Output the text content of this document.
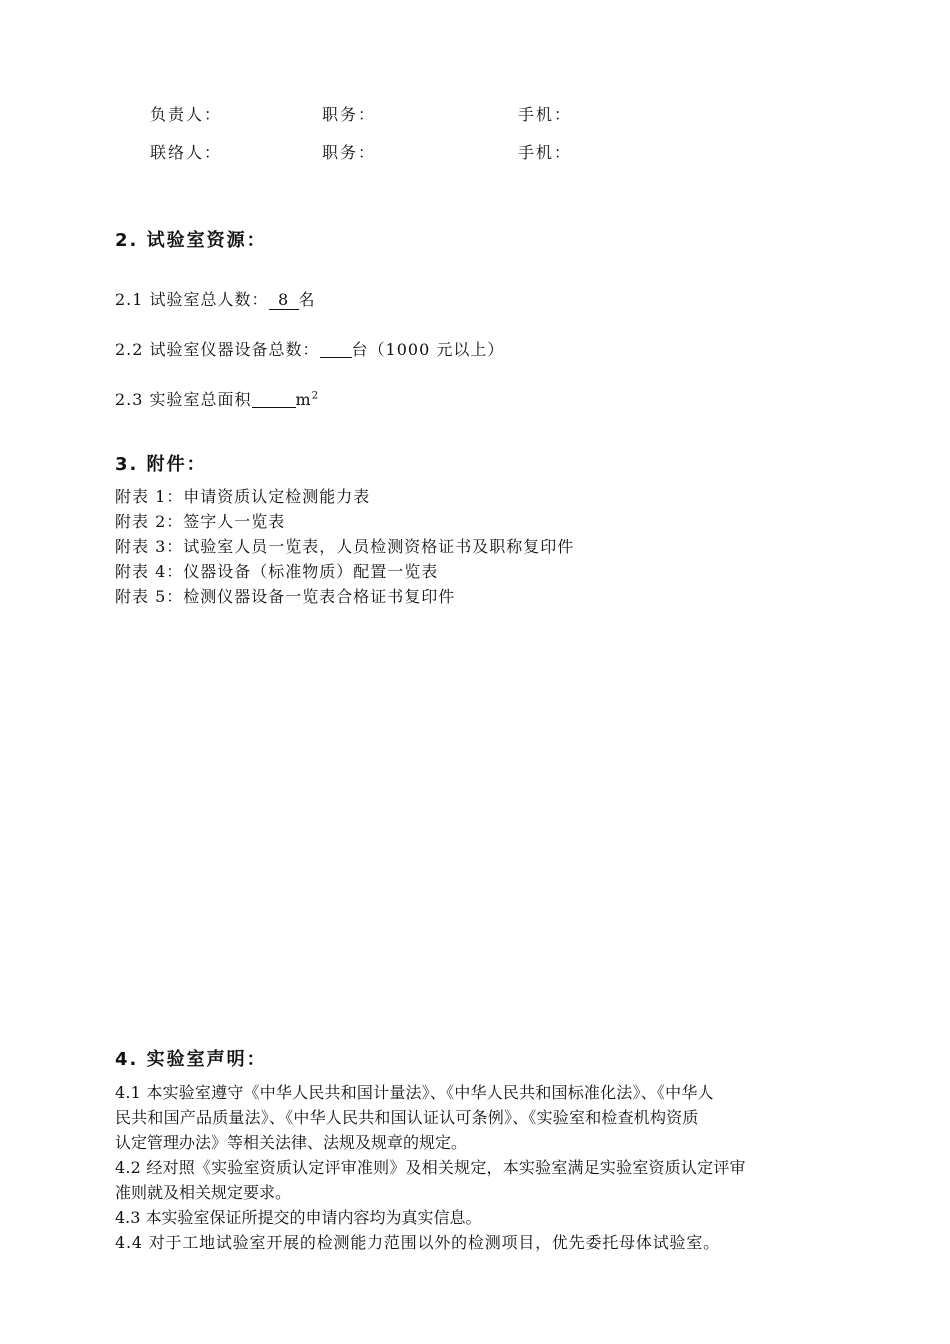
负责人：	职务：	手机：
联络人：	职务：	手机：
2. 试验室资源：
2.1 试验室总人数： 8 名
2.2 试验室仪器设备总数： 台（1000 元以上）
2.3 实验室总面积	$m^2$
3. 附件：
附表 1：申请资质认定检测能力表
附表 2：签字人一览表
附表 3：试验室人员一览表，人员检测资格证书及职称复印件
附表 4：仪器设备（标准物质）配置一览表
附表 5：检测仪器设备一览表合格证书复印件
4. 实验室声明：
4.1 本实验室遵守《中华人民共和国计量法》、《中华人民共和国标准化法》、《中华人
民共和国产品质量法》、《中华人民共和国认证认可条例》、《实验室和检查机构资质
认定管理办法》等相关法律、法规及规章的规定。
4.2 经对照《实验室资质认定评审准则》及相关规定，本实验室满足实验室资质认定评审
准则就及相关规定要求。
4.3 本实验室保证所提交的申请内容均为真实信息。
4.4 对于工地试验室开展的检测能力范围以外的检测项目，优先委托母体试验室。
